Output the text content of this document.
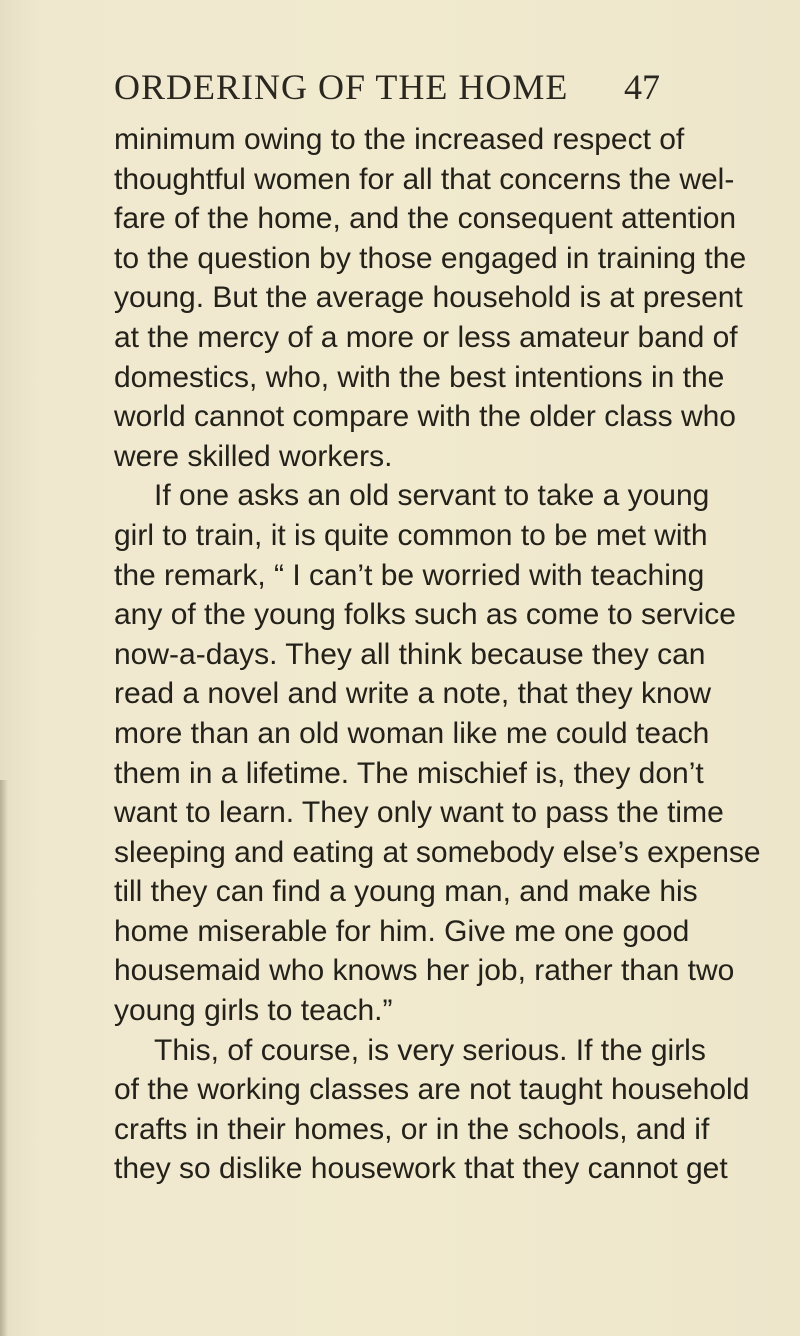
ORDERING OF THE HOME 47
minimum owing to the increased respect of
thoughtful women for all that concerns the wel-
fare of the home, and the consequent attention
to the question by those engaged in training the
young. But the average household is at present
at the mercy of a more or less amateur band of
domestics, who, with the best intentions in the
world cannot compare with the older class who
were skilled workers.
If one asks an old servant to take a young
girl to train, it is quite common to be met with
the remark, “ I can’t be worried with teaching
any of the young folks such as come to service
now-a-days. They all think because they can
read a novel and write a note, that they know
more than an old woman like me could teach
them in a lifetime. The mischief is, they don’t
want to learn. They only want to pass the time
sleeping and eating at somebody else’s expense
till they can find a young man, and make his
home miserable for him. Give me one good
housemaid who knows her job, rather than two
young girls to teach.”
This, of course, is very serious. If the girls
of the working classes are not taught household
crafts in their homes, or in the schools, and if
they so dislike housework that they cannot get
